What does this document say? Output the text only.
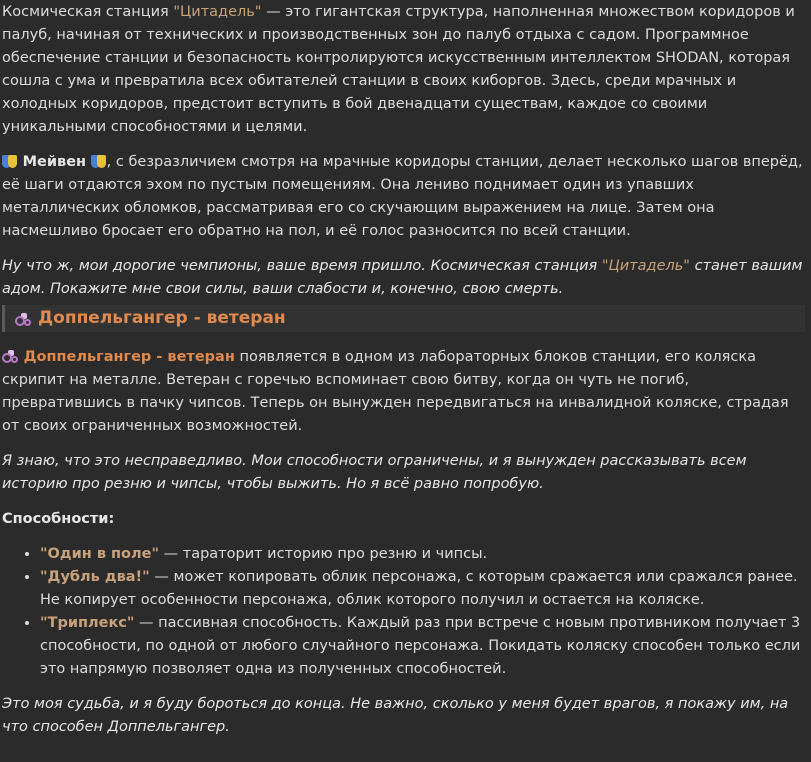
Космическая станция "Цитадель" — это гигантская структура, наполненная множеством коридоров и палуб, начиная от технических и производственных зон до палуб отдыха с садом. Программное обеспечение станции и безопасность контролируются искусственным интеллектом SHODAN, которая сошла с ума и превратила всех обитателей станции в своих киборгов. Здесь, среди мрачных и холодных коридоров, предстоит вступить в бой двенадцати существам, каждое со своими уникальными способностями и целями.

Мейвен , с безразличием смотря на мрачные коридоры станции, делает несколько шагов вперёд, её шаги отдаются эхом по пустым помещениям. Она лениво поднимает один из упавших металлических обломков, рассматривая его со скучающим выражением на лице. Затем она насмешливо бросает его обратно на пол, и её голос разносится по всей станции.

Ну что ж, мои дорогие чемпионы, ваше время пришло. Космическая станция "Цитадель" станет вашим адом. Покажите мне свои силы, ваши слабости и, конечно, свою смерть.

Доппельгангер - ветеран

Доппельгангер - ветеран появляется в одном из лабораторных блоков станции, его коляска скрипит на металле. Ветеран с горечью вспоминает свою битву, когда он чуть не погиб, превратившись в пачку чипсов. Теперь он вынужден передвигаться на инвалидной коляске, страдая от своих ограниченных возможностей.

Я знаю, что это несправедливо. Мои способности ограничены, и я вынужден рассказывать всем историю про резню и чипсы, чтобы выжить. Но я всё равно попробую.

Способности:

• "Один в поле" — тараторит историю про резню и чипсы.
• "Дубль два!" — может копировать облик персонажа, с которым сражается или сражался ранее. Не копирует особенности персонажа, облик которого получил и остается на коляске.
• "Триплекс" — пассивная способность. Каждый раз при встрече с новым противником получает 3 способности, по одной от любого случайного персонажа. Покидать коляску способен только если это напрямую позволяет одна из полученных способностей.

Это моя судьба, и я буду бороться до конца. Не важно, сколько у меня будет врагов, я покажу им, на что способен Доппельгангер.
